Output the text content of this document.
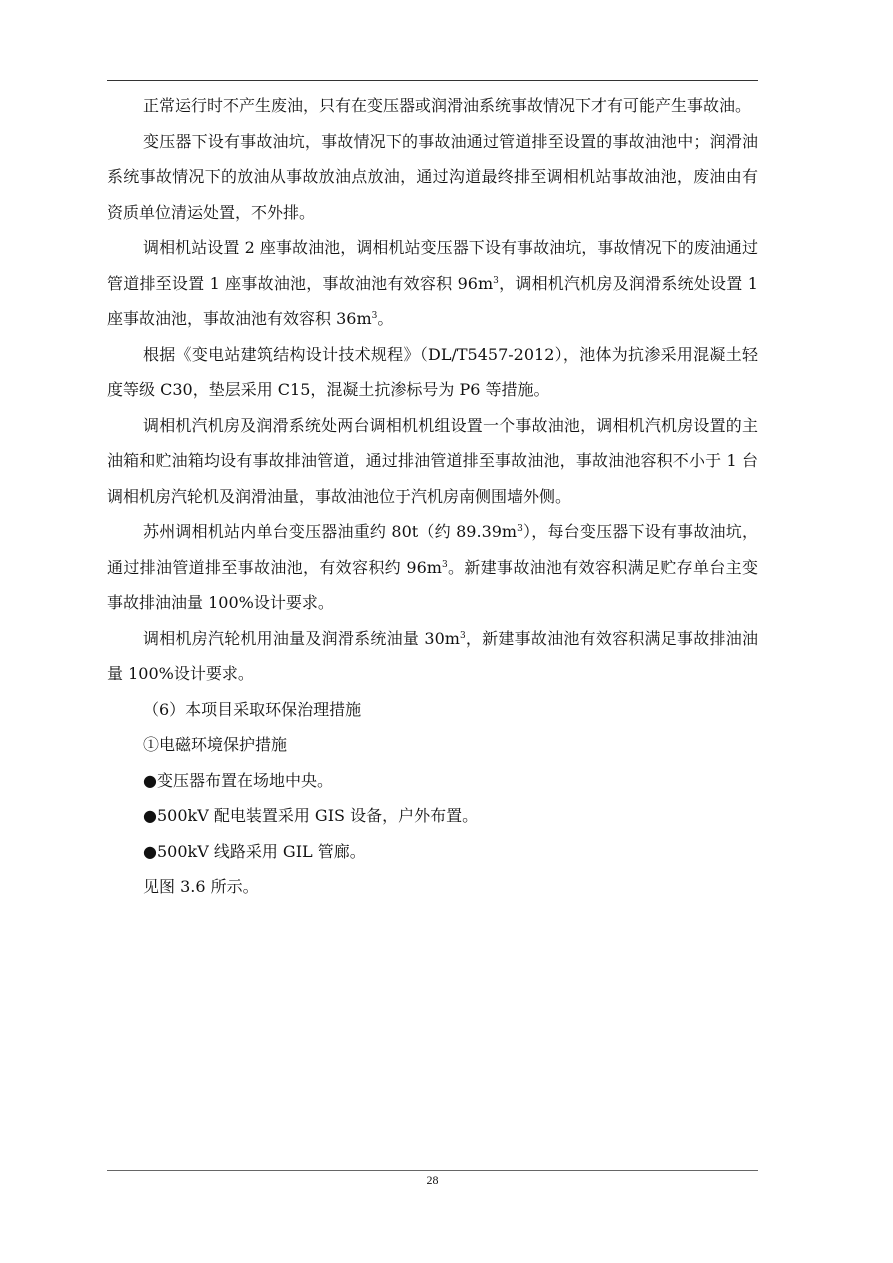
正常运行时不产生废油，只有在变压器或润滑油系统事故情况下才有可能产生事故油。

变压器下设有事故油坑，事故情况下的事故油通过管道排至设置的事故油池中；润滑油系统事故情况下的放油从事故放油点放油，通过沟道最终排至调相机站事故油池，废油由有资质单位清运处置，不外排。

调相机站设置 2 座事故油池，调相机站变压器下设有事故油坑，事故情况下的废油通过管道排至设置 1 座事故油池，事故油池有效容积 $96m^3$，调相机汽机房及润滑系统处设置 1 座事故油池，事故油池有效容积 $36m^3$。

根据《变电站建筑结构设计技术规程》（DL/T5457-2012），池体为抗渗采用混凝土轻度等级 C30，垫层采用 C15，混凝土抗渗标号为 P6 等措施。

调相机汽机房及润滑系统处两台调相机机组设置一个事故油池，调相机汽机房设置的主油箱和贮油箱均设有事故排油管道，通过排油管道排至事故油池，事故油池容积不小于 1 台调相机房汽轮机及润滑油量，事故油池位于汽机房南侧围墙外侧。

苏州调相机站内单台变压器油重约 80t（约 $89.39m^3$），每台变压器下设有事故油坑，通过排油管道排至事故油池，有效容积约 $96m^3$。新建事故油池有效容积满足贮存单台主变事故排油油量 100%设计要求。

调相机房汽轮机用油量及润滑系统油量 $30m^3$，新建事故油池有效容积满足事故排油油量 100%设计要求。

（6）本项目采取环保治理措施

①电磁环境保护措施

●变压器布置在场地中央。

●500kV 配电装置采用 GIS 设备，户外布置。

●500kV 线路采用 GIL 管廊。

见图 3.6 所示。

28
